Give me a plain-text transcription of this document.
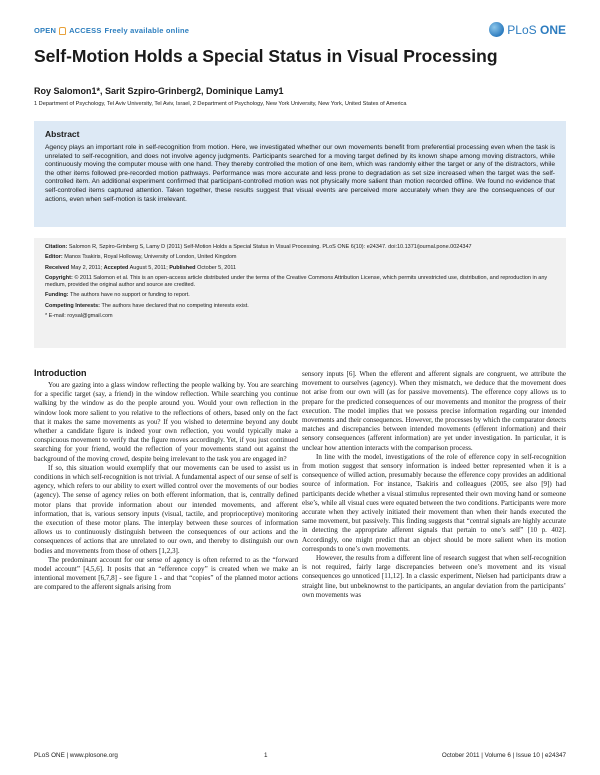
OPEN ACCESS Freely available online	PLoS ONE
Self-Motion Holds a Special Status in Visual Processing
Roy Salomon1*, Sarit Szpiro-Grinberg2, Dominique Lamy1
1 Department of Psychology, Tel Aviv University, Tel Aviv, Israel, 2 Department of Psychology, New York University, New York, United States of America
Abstract

Agency plays an important role in self-recognition from motion. Here, we investigated whether our own movements benefit from preferential processing even when the task is unrelated to self-recognition, and does not involve agency judgments. Participants searched for a moving target defined by its known shape among moving distractors, while continuously moving the computer mouse with one hand. They thereby controlled the motion of one item, which was randomly either the target or any of the distractors, while the other items followed pre-recorded motion pathways. Performance was more accurate and less prone to degradation as set size increased when the target was the self-controlled item. An additional experiment confirmed that participant-controlled motion was not physically more salient than motion recorded offline. We found no evidence that self-controlled items captured attention. Taken together, these results suggest that visual events are perceived more accurately when they are the consequences of our actions, even when self-motion is task irrelevant.

Citation: Salomon R, Szpiro-Grinberg S, Lamy D (2011) Self-Motion Holds a Special Status in Visual Processing. PLoS ONE 6(10): e24347. doi:10.1371/journal.pone.0024347

Editor: Manos Tsakiris, Royal Holloway, University of London, United Kingdom

Received May 2, 2011; Accepted August 5, 2011; Published October 5, 2011

Copyright: © 2011 Salomon et al. This is an open-access article distributed under the terms of the Creative Commons Attribution License, which permits unrestricted use, distribution, and reproduction in any medium, provided the original author and source are credited.

Funding: The authors have no support or funding to report.

Competing Interests: The authors have declared that no competing interests exist.

* E-mail: roysal@gmail.com

Introduction

You are gazing into a glass window reflecting the people walking by. You are searching for a specific target (say, a friend) in the window reflection. While searching you continue walking by the window as do the people around you. Would your own reflection in the window look more salient to you relative to the reflections of others, based only on the fact that it makes the same movements as you? If you wished to determine beyond any doubt whether a candidate figure is indeed your own reflection, you would typically make a conspicuous movement to verify that the figure moves accordingly. Yet, if you just continued searching for your friend, would the reflection of your movements stand out against the background of the moving crowd, despite being irrelevant to the task you are engaged in?

If so, this situation would exemplify that our movements can be used to assist us in conditions in which self-recognition is not trivial. A fundamental aspect of our sense of self is agency, which refers to our ability to exert willed control over the movements of our bodies (agency). The sense of agency relies on both efferent information, that is, centrally defined motor plans that provide information about our intended movements, and afferent information, that is, various sensory inputs (visual, tactile, and proprioceptive) monitoring the execution of these motor plans. The interplay between these sources of information allows us to continuously distinguish between the consequences of our actions and the consequences of actions that are unrelated to our own, and thereby to distinguish our own bodies and movements from those of others [1,2,3].

The predominant account for our sense of agency is often referred to as the “forward model account” [4,5,6]. It posits that an “efference copy” is created when we make an intentional movement [6,7,8] - see figure 1 - and that “copies” of the planned motor actions are compared to the afferent signals arising from

sensory inputs [6]. When the efferent and afferent signals are congruent, we attribute the movement to ourselves (agency). When they mismatch, we deduce that the movement does not arise from our own will (as for passive movements). The efference copy allows us to prepare for the predicted consequences of our movements and monitor the progress of their execution. The model implies that we possess precise information regarding our intended movements and their consequences. However, the processes by which the comparator detects matches and discrepancies between intended movements (efferent information) and their sensory consequences (afferent information) are yet under investigation. In particular, it is unclear how attention interacts with the comparison process.

In line with the model, investigations of the role of efference copy in self-recognition from motion suggest that sensory information is indeed better represented when it is a consequence of willed action, presumably because the efference copy provides an additional source of information. For instance, Tsakiris and colleagues (2005, see also [9]) had participants decide whether a visual stimulus represented their own moving hand or someone else’s, while all visual cues were equated between the two conditions. Participants were more accurate when they actively initiated their movement than when their hands executed the same movement, but passively. This finding suggests that “central signals are highly accurate in detecting the appropriate afferent signals that pertain to one’s self” [10 p. 402]. Accordingly, one might predict that an object should be more salient when its motion corresponds to one’s own movements.

However, the results from a different line of research suggest that when self-recognition is not required, fairly large discrepancies between one’s movement and its visual consequences go unnoticed [11,12]. In a classic experiment, Nielsen had participants draw a straight line, but unbeknownst to the participants, an angular deviation from the participants’ own movements was

PLoS ONE | www.plosone.org	1	October 2011 | Volume 6 | Issue 10 | e24347
